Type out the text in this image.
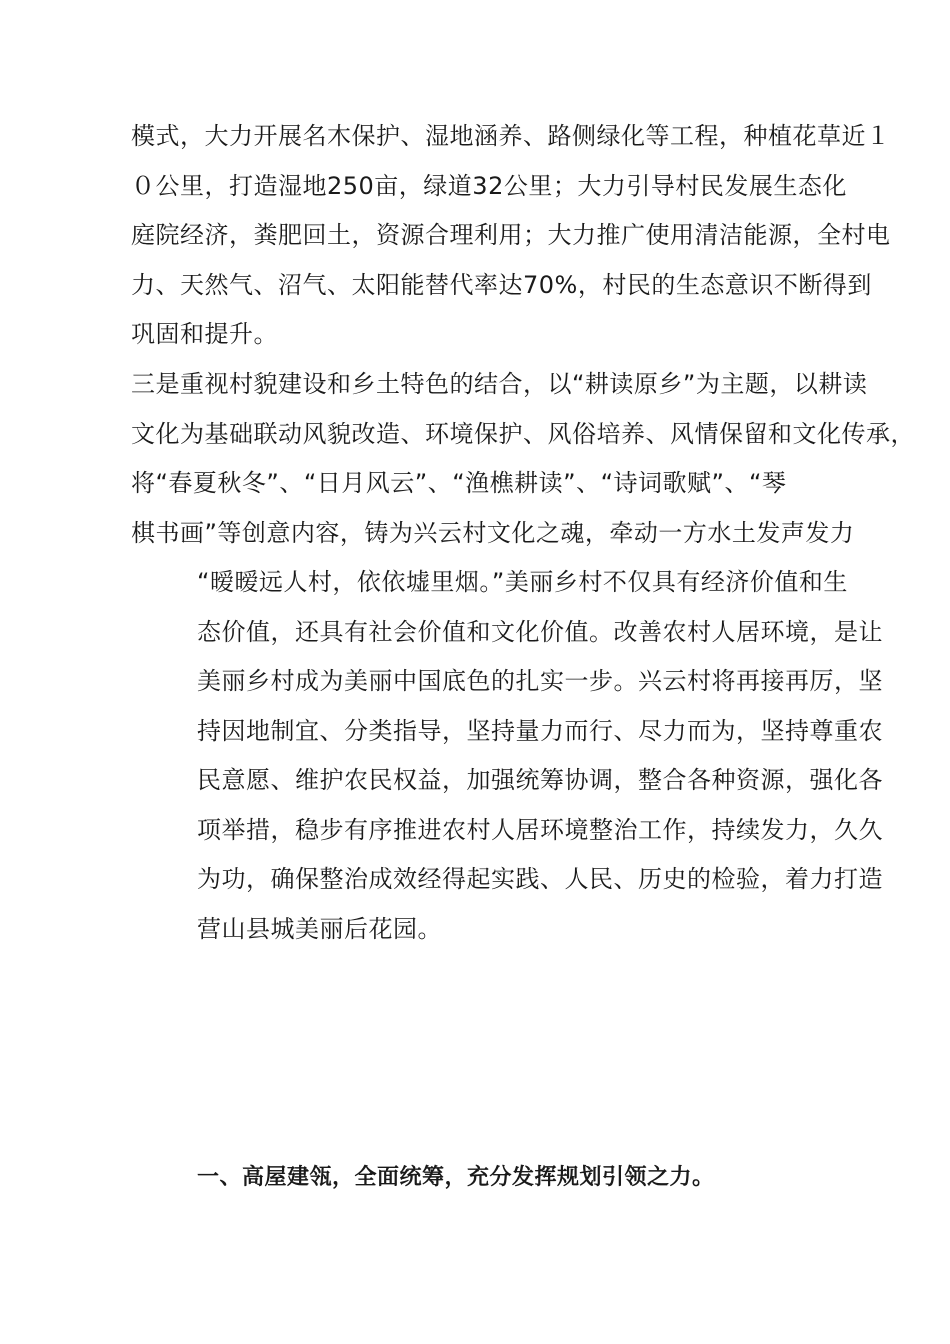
模式，大力开展名木保护、湿地涵养、路侧绿化等工程，种植花草近１
０公里，打造湿地250亩，绿道32公里；大力引导村民发展生态化
庭院经济，粪肥回土，资源合理利用；大力推广使用清洁能源，全村电
力、天然气、沼气、太阳能替代率达70%，村民的生态意识不断得到
巩固和提升。

三是重视村貌建设和乡土特色的结合，以“耕读原乡”为主题，以耕读
文化为基础联动风貌改造、环境保护、风俗培养、风情保留和文化传承，
将“春夏秋冬”、“日月风云”、“渔樵耕读”、“诗词歌赋”、“琴
棋书画”等创意内容，铸为兴云村文化之魂，牵动一方水土发声发力

“暧暧远人村，依依墟里烟。”美丽乡村不仅具有经济价值和生
态价值，还具有社会价值和文化价值。改善农村人居环境，是让
美丽乡村成为美丽中国底色的扎实一步。兴云村将再接再厉，坚
持因地制宜、分类指导，坚持量力而行、尽力而为，坚持尊重农
民意愿、维护农民权益，加强统筹协调，整合各种资源，强化各
项举措，稳步有序推进农村人居环境整治工作，持续发力，久久
为功，确保整治成效经得起实践、人民、历史的检验，着力打造
营山县城美丽后花园。

一、高屋建瓴，全面统筹，充分发挥规划引领之力。
